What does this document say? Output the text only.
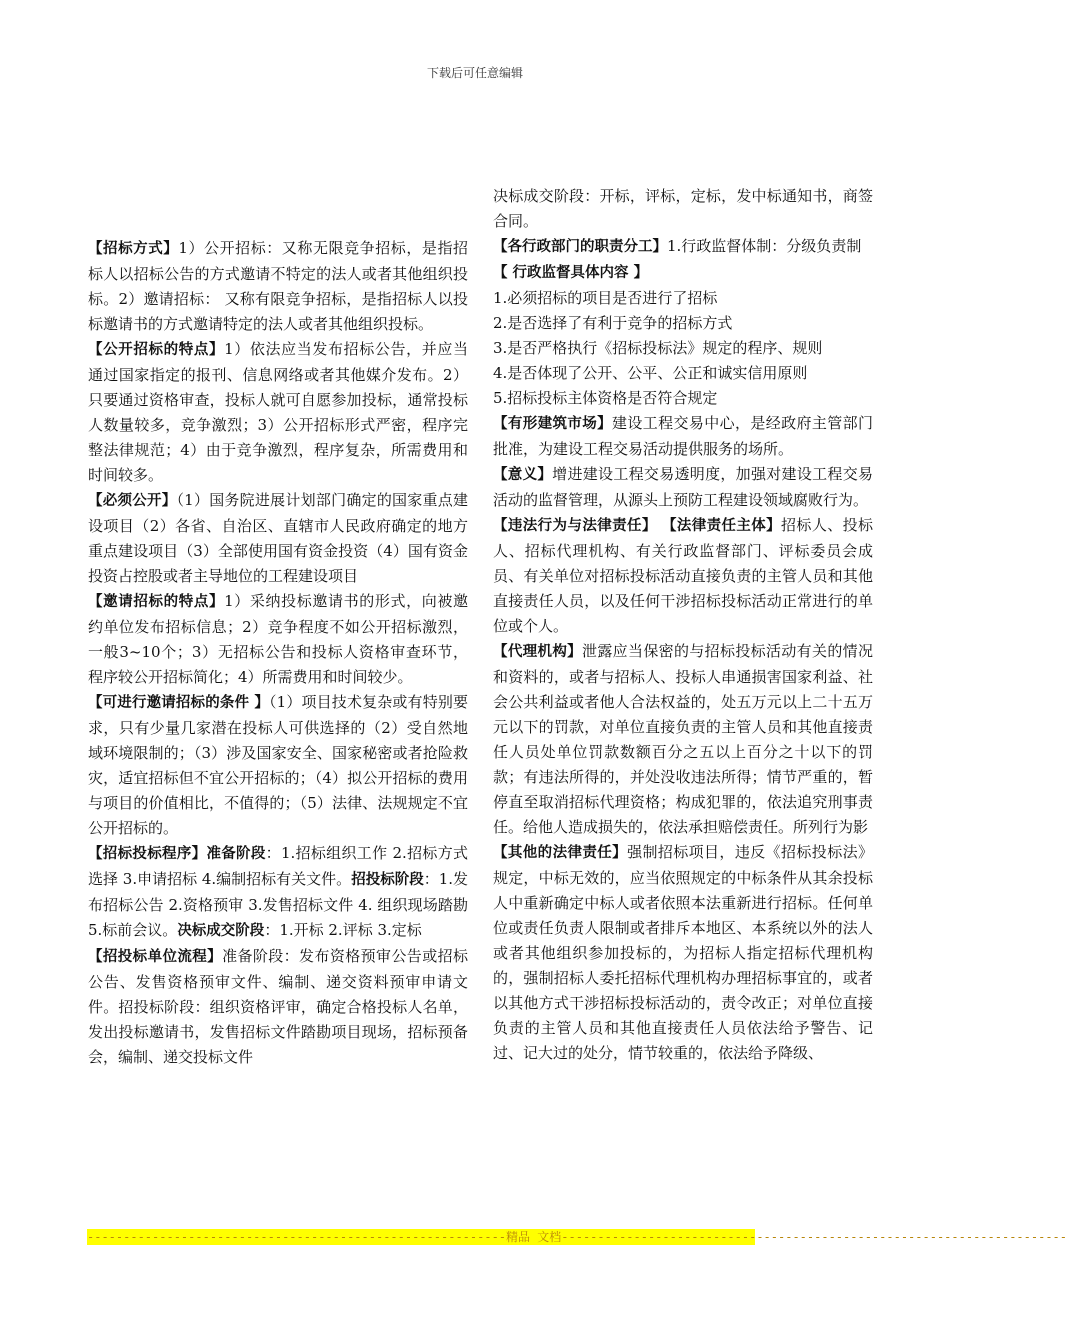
下载后可任意编辑

【招标方式】1）公开招标：又称无限竞争招标，是指招标人以招标公告的方式邀请不特定的法人或者其他组织投标。2）邀请招标： 又称有限竞争招标，是指招标人以投标邀请书的方式邀请特定的法人或者其他组织投标。

【公开招标的特点】1）依法应当发布招标公告，并应当通过国家指定的报刊、信息网络或者其他媒介发布。2）只要通过资格审查，投标人就可自愿参加投标，通常投标人数量较多，竞争激烈；3）公开招标形式严密，程序完整法律规范；4）由于竞争激烈，程序复杂，所需费用和时间较多。

【必须公开】（1）国务院进展计划部门确定的国家重点建设项目（2）各省、自治区、直辖市人民政府确定的地方重点建设项目（3）全部使用国有资金投资（4）国有资金投资占控股或者主导地位的工程建设项目

【邀请招标的特点】1）采纳投标邀请书的形式，向被邀约单位发布招标信息；2）竞争程度不如公开招标激烈，一般3~10个；3）无招标公告和投标人资格审查环节，程序较公开招标简化；4）所需费用和时间较少。

【可进行邀请招标的条件 】（1）项目技术复杂或有特别要求，只有少量几家潜在投标人可供选择的（2）受自然地域环境限制的；（3）涉及国家安全、国家秘密或者抢险救灾，适宜招标但不宜公开招标的；（4）拟公开招标的费用与项目的价值相比，不值得的；（5）法律、法规规定不宜公开招标的。

【招标投标程序】准备阶段：1.招标组织工作 2.招标方式选择 3.申请招标 4.编制招标有关文件。招投标阶段：1.发布招标公告 2.资格预审 3.发售招标文件 4. 组织现场踏勘 5.标前会议。决标成交阶段：1.开标 2.评标 3.定标

【招投标单位流程】准备阶段：发布资格预审公告或招标公告、发售资格预审文件、编制、递交资料预审申请文件。招投标阶段：组织资格评审，确定合格投标人名单，发出投标邀请书，发售招标文件踏勘项目现场，招标预备会，编制、递交投标文件

决标成交阶段：开标，评标，定标，发中标通知书，商签合同。

【各行政部门的职责分工】1.行政监督体制：分级负责制

【 行政监督具体内容 】

1.必须招标的项目是否进行了招标

2.是否选择了有利于竞争的招标方式

3.是否严格执行《招标投标法》规定的程序、规则

4.是否体现了公开、公平、公正和诚实信用原则

5.招标投标主体资格是否符合规定

【有形建筑市场】建设工程交易中心，是经政府主管部门批准，为建设工程交易活动提供服务的场所。

【意义】增进建设工程交易透明度，加强对建设工程交易活动的监督管理，从源头上预防工程建设领域腐败行为。

【违法行为与法律责任】 【法律责任主体】招标人、投标人、招标代理机构、有关行政监督部门、评标委员会成员、有关单位对招标投标活动直接负责的主管人员和其他直接责任人员，以及任何干涉招标投标活动正常进行的单位或个人。

【代理机构】泄露应当保密的与招标投标活动有关的情况和资料的，或者与招标人、投标人串通损害国家利益、社会公共利益或者他人合法权益的，处五万元以上二十五万元以下的罚款，对单位直接负责的主管人员和其他直接责任人员处单位罚款数额百分之五以上百分之十以下的罚款；有违法所得的，并处没收违法所得；情节严重的，暂停直至取消招标代理资格；构成犯罪的，依法追究刑事责任。给他人造成损失的，依法承担赔偿责任。所列行为影

【其他的法律责任】强制招标项目，违反《招标投标法》规定，中标无效的，应当依照规定的中标条件从其余投标人中重新确定中标人或者依照本法重新进行招标。任何单位或责任负责人限制或者排斥本地区、本系统以外的法人或者其他组织参加投标的，为招标人指定招标代理机构的，强制招标人委托招标代理机构办理招标事宜的，或者以其他方式干涉招标投标活动的，责令改正；对单位直接负责的主管人员和其他直接责任人员依法给予警告、记过、记大过的处分，情节较重的，依法给予降级、

----------------------------------------------------------精品 文档----------------------------------------------------------------------
